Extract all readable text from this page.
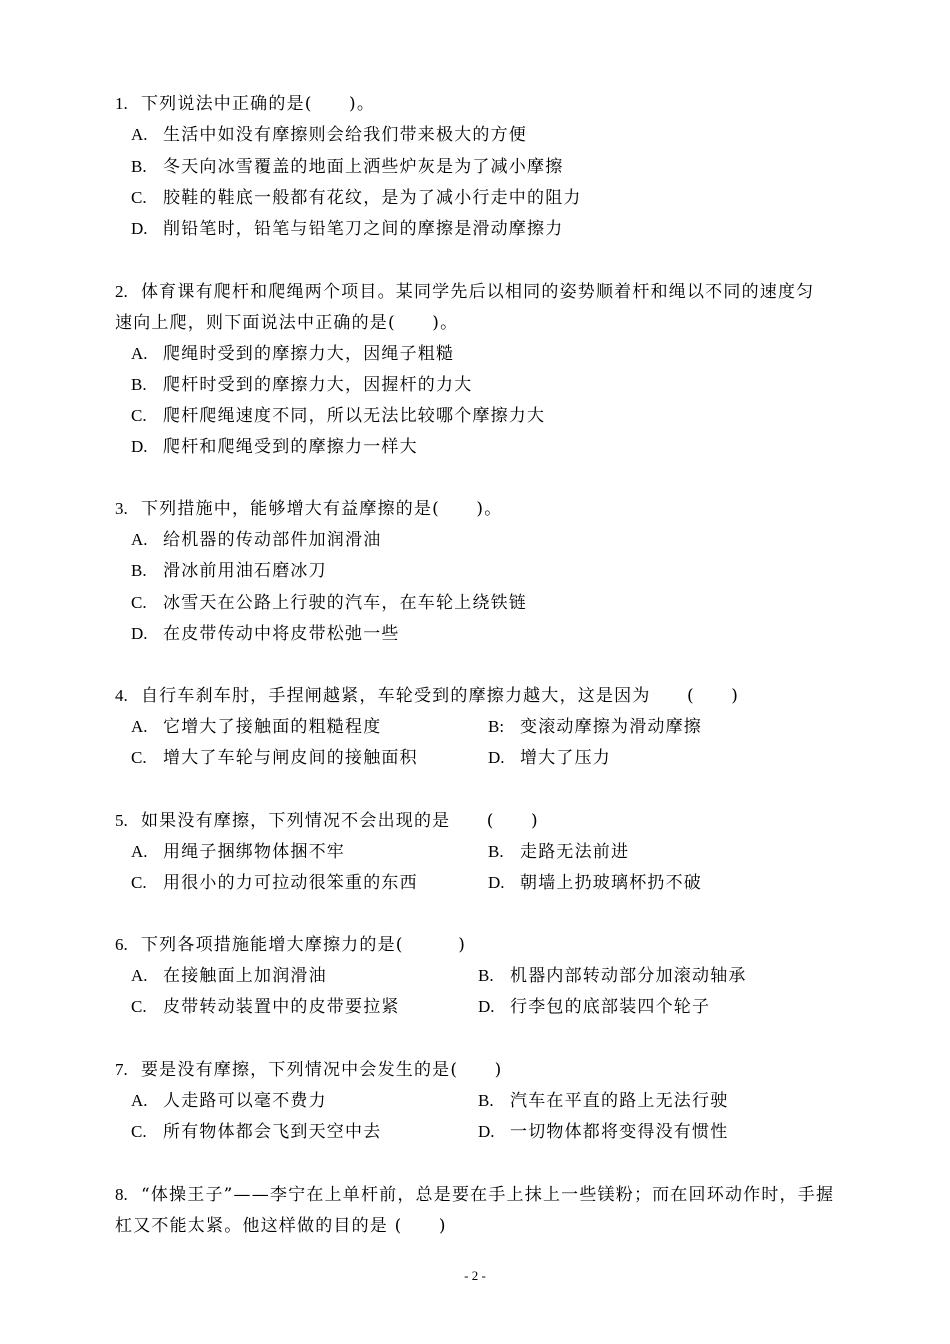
1. 下列说法中正确的是(　　)。
A. 生活中如没有摩擦则会给我们带来极大的方便
B. 冬天向冰雪覆盖的地面上洒些炉灰是为了减小摩擦
C. 胶鞋的鞋底一般都有花纹，是为了减小行走中的阻力
D. 削铅笔时，铅笔与铅笔刀之间的摩擦是滑动摩擦力
2. 体育课有爬杆和爬绳两个项目。某同学先后以相同的姿势顺着杆和绳以不同的速度匀
速向上爬，则下面说法中正确的是(　　)。
A. 爬绳时受到的摩擦力大，因绳子粗糙
B. 爬杆时受到的摩擦力大，因握杆的力大
C. 爬杆爬绳速度不同，所以无法比较哪个摩擦力大
D. 爬杆和爬绳受到的摩擦力一样大
3. 下列措施中，能够增大有益摩擦的是(　　)。
A. 给机器的传动部件加润滑油
B. 滑冰前用油石磨冰刀
C. 冰雪天在公路上行驶的汽车，在车轮上绕铁链
D. 在皮带传动中将皮带松弛一些
4. 自行车刹车肘，手捏闸越紧，车轮受到的摩擦力越大，这是因为　　(　　)
A. 它增大了接触面的粗糙程度	B: 变滚动摩擦为滑动摩擦
C. 增大了车轮与闸皮间的接触面积	D. 增大了压力
5. 如果没有摩擦，下列情况不会出现的是　　(　　)
A. 用绳子捆绑物体捆不牢	B. 走路无法前进
C. 用很小的力可拉动很笨重的东西	D. 朝墙上扔玻璃杯扔不破
6. 下列各项措施能增大摩擦力的是(　　　)
A. 在接触面上加润滑油	B. 机器内部转动部分加滚动轴承
C. 皮带转动装置中的皮带要拉紧	D. 行李包的底部装四个轮子
7. 要是没有摩擦，下列情况中会发生的是(　　)
A. 人走路可以毫不费力	B. 汽车在平直的路上无法行驶
C. 所有物体都会飞到天空中去	D. 一切物体都将变得没有惯性
8. “体操王子”——李宁在上单杆前，总是要在手上抹上一些镁粉；而在回环动作时，手握
杠又不能太紧。他这样做的目的是 (　　)
- 2 -
